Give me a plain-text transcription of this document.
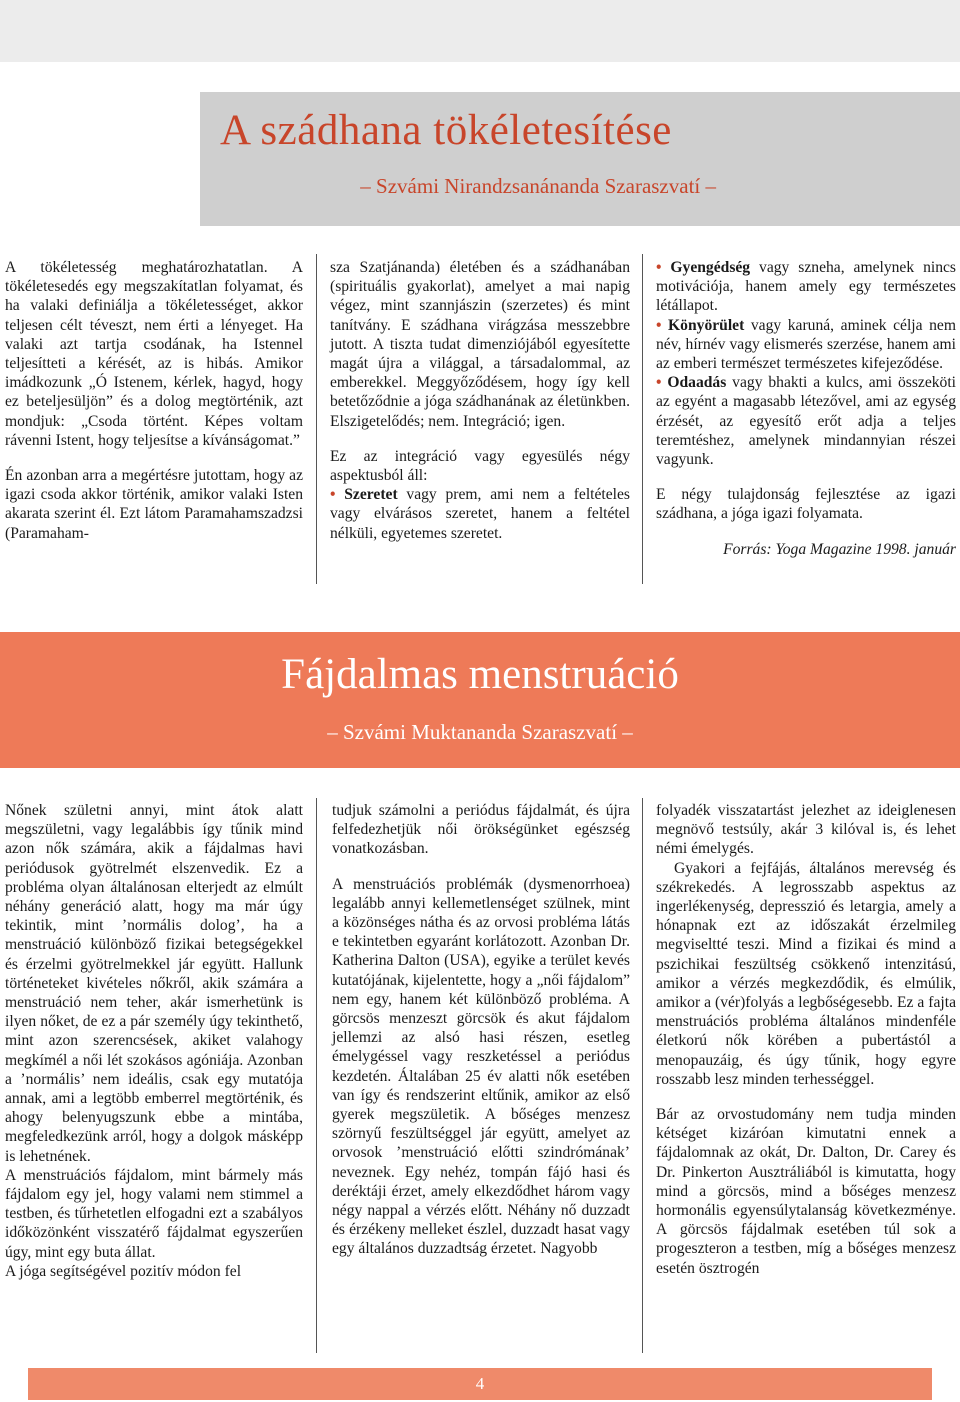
A szádhana tökéletesítése
– Szvámi Nirandzsanánanda Szaraszvatí –

A tökéletesség meghatározhatatlan. A tökéletesedés egy megszakítatlan folyamat, és ha valaki definiálja a tökéletességet, akkor teljesen célt téveszt, nem érti a lényeget. Ha valaki azt tartja csodának, ha Istennel teljesítteti a kérését, az is hibás. Amikor imádkozunk „Ó Istenem, kérlek, hagyd, hogy ez beteljesüljön” és a dolog megtörténik, azt mondjuk: „Csoda történt. Képes voltam rávenni Istent, hogy teljesítse a kívánságomat.”

Én azonban arra a megértésre jutottam, hogy az igazi csoda akkor történik, amikor valaki Isten akarata szerint él. Ezt látom Paramahamszadzsi (Paramaham-

sza Szatjánanda) életében és a szádhanában (spirituális gyakorlat), amelyet a mai napig végez, mint szannjászin (szerzetes) és mint tanítvány. E szádhana virágzása messzebbre jutott. A tiszta tudat dimenziójából egyesítette magát újra a világgal, a társadalommal, az emberekkel. Meggyőződésem, hogy így kell betetőződnie a jóga szádhanának az életünkben. Elszigetelődés; nem. Integráció; igen.

Ez az integráció vagy egyesülés négy aspektusból áll:

• Szeretet vagy prem, ami nem a feltételes vagy elvárásos szeretet, hanem a feltétel nélküli, egyetemes szeretet.

• Gyengédség vagy szneha, amelynek nincs motivációja, hanem amely egy természetes létállapot.

• Könyörület vagy karuná, aminek célja nem név, hírnév vagy elismerés szerzése, hanem ami az emberi természet természetes kifejeződése.

• Odaadás vagy bhakti a kulcs, ami összeköti az egyént a magasabb létezővel, ami az egység érzését, az egyesítő erőt adja a teljes teremtéshez, amelynek mindannyian részei vagyunk.

E négy tulajdonság fejlesztése az igazi szádhana, a jóga igazi folyamata.

Forrás: Yoga Magazine 1998. január

Fájdalmas menstruáció
– Szvámi Muktananda Szaraszvatí –

Nőnek születni annyi, mint átok alatt megszületni, vagy legalábbis így tűnik mind azon nők számára, akik a fájdalmas havi periódusok gyötrelmét elszenvedik. Ez a probléma olyan általánosan elterjedt az elmúlt néhány generáció alatt, hogy ma már úgy tekintik, mint ’normális dolog’, ha a menstruáció különböző fizikai betegségekkel és érzelmi gyötrelmekkel jár együtt. Hallunk történeteket kivételes nőkről, akik számára a menstruáció nem teher, akár ismerhetünk is ilyen nőket, de ez a pár személy úgy tekinthető, mint azon szerencsések, akiket valahogy megkímél a női lét szokásos agóniája. Azonban a ’normális’ nem ideális, csak egy mutatója annak, ami a legtöbb emberrel megtörténik, és ahogy belenyugszunk ebbe a mintába, megfeledkezünk arról, hogy a dolgok másképp is lehetnének.

A menstruációs fájdalom, mint bármely más fájdalom egy jel, hogy valami nem stimmel a testben, és tűrhetetlen elfogadni ezt a szabályos időközönként visszatérő fájdalmat egyszerűen úgy, mint egy buta állat.

A jóga segítségével pozitív módon fel

tudjuk számolni a periódus fájdalmát, és újra felfedezhetjük női örökségünket egészség vonatkozásban.

A menstruációs problémák (dysmenorrhoea) legalább annyi kellemetlenséget szülnek, mint a közönséges nátha és az orvosi probléma látás e tekintetben egyaránt korlátozott. Azonban Dr. Katherina Dalton (USA), egyike a terület kevés kutatójának, kijelentette, hogy a „női fájdalom” nem egy, hanem két különböző probléma. A görcsös menzeszt görcsök és akut fájdalom jellemzi az alsó hasi részen, esetleg émelygéssel vagy reszketéssel a periódus kezdetén. Általában 25 év alatti nők esetében van így és rendszerint eltűnik, amikor az első gyerek megszületik. A bőséges menzesz szörnyű feszültséggel jár együtt, amelyet az orvosok ’menstruáció előtti szindrómának’ neveznek. Egy nehéz, tompán fájó hasi és deréktáji érzet, amely elkezdődhet három vagy négy nappal a vérzés előtt. Néhány nő duzzadt és érzékeny melleket észlel, duzzadt hasat vagy egy általános duzzadtság érzetet. Nagyobb

folyadék visszatartást jelezhet az ideiglenesen megnövő testsúly, akár 3 kilóval is, és lehet némi émelygés.

Gyakori a fejfájás, általános merevség és székrekedés. A legrosszabb aspektus az ingerlékenység, depresszió és letargia, amely a hónapnak ezt az időszakát érzelmileg megviseltté teszi. Mind a fizikai és mind a pszichikai feszültség csökkenő intenzitású, amikor a vérzés megkezdődik, és elmúlik, amikor a (vér)folyás a legbőségesebb. Ez a fajta menstruációs probléma általános mindenféle életkorú nők körében a pubertástól a menopauzáig, és úgy tűnik, hogy egyre rosszabb lesz minden terhességgel.

Bár az orvostudomány nem tudja minden kétséget kizáróan kimutatni ennek a fájdalomnak az okát, Dr. Dalton, Dr. Carey és Dr. Pinkerton Ausztráliából is kimutatta, hogy mind a görcsös, mind a bőséges menzesz hormonális egyensúlytalanság következménye. A görcsös fájdalmak esetében túl sok a progeszteron a testben, míg a bőséges menzesz esetén ösztrogén

4
